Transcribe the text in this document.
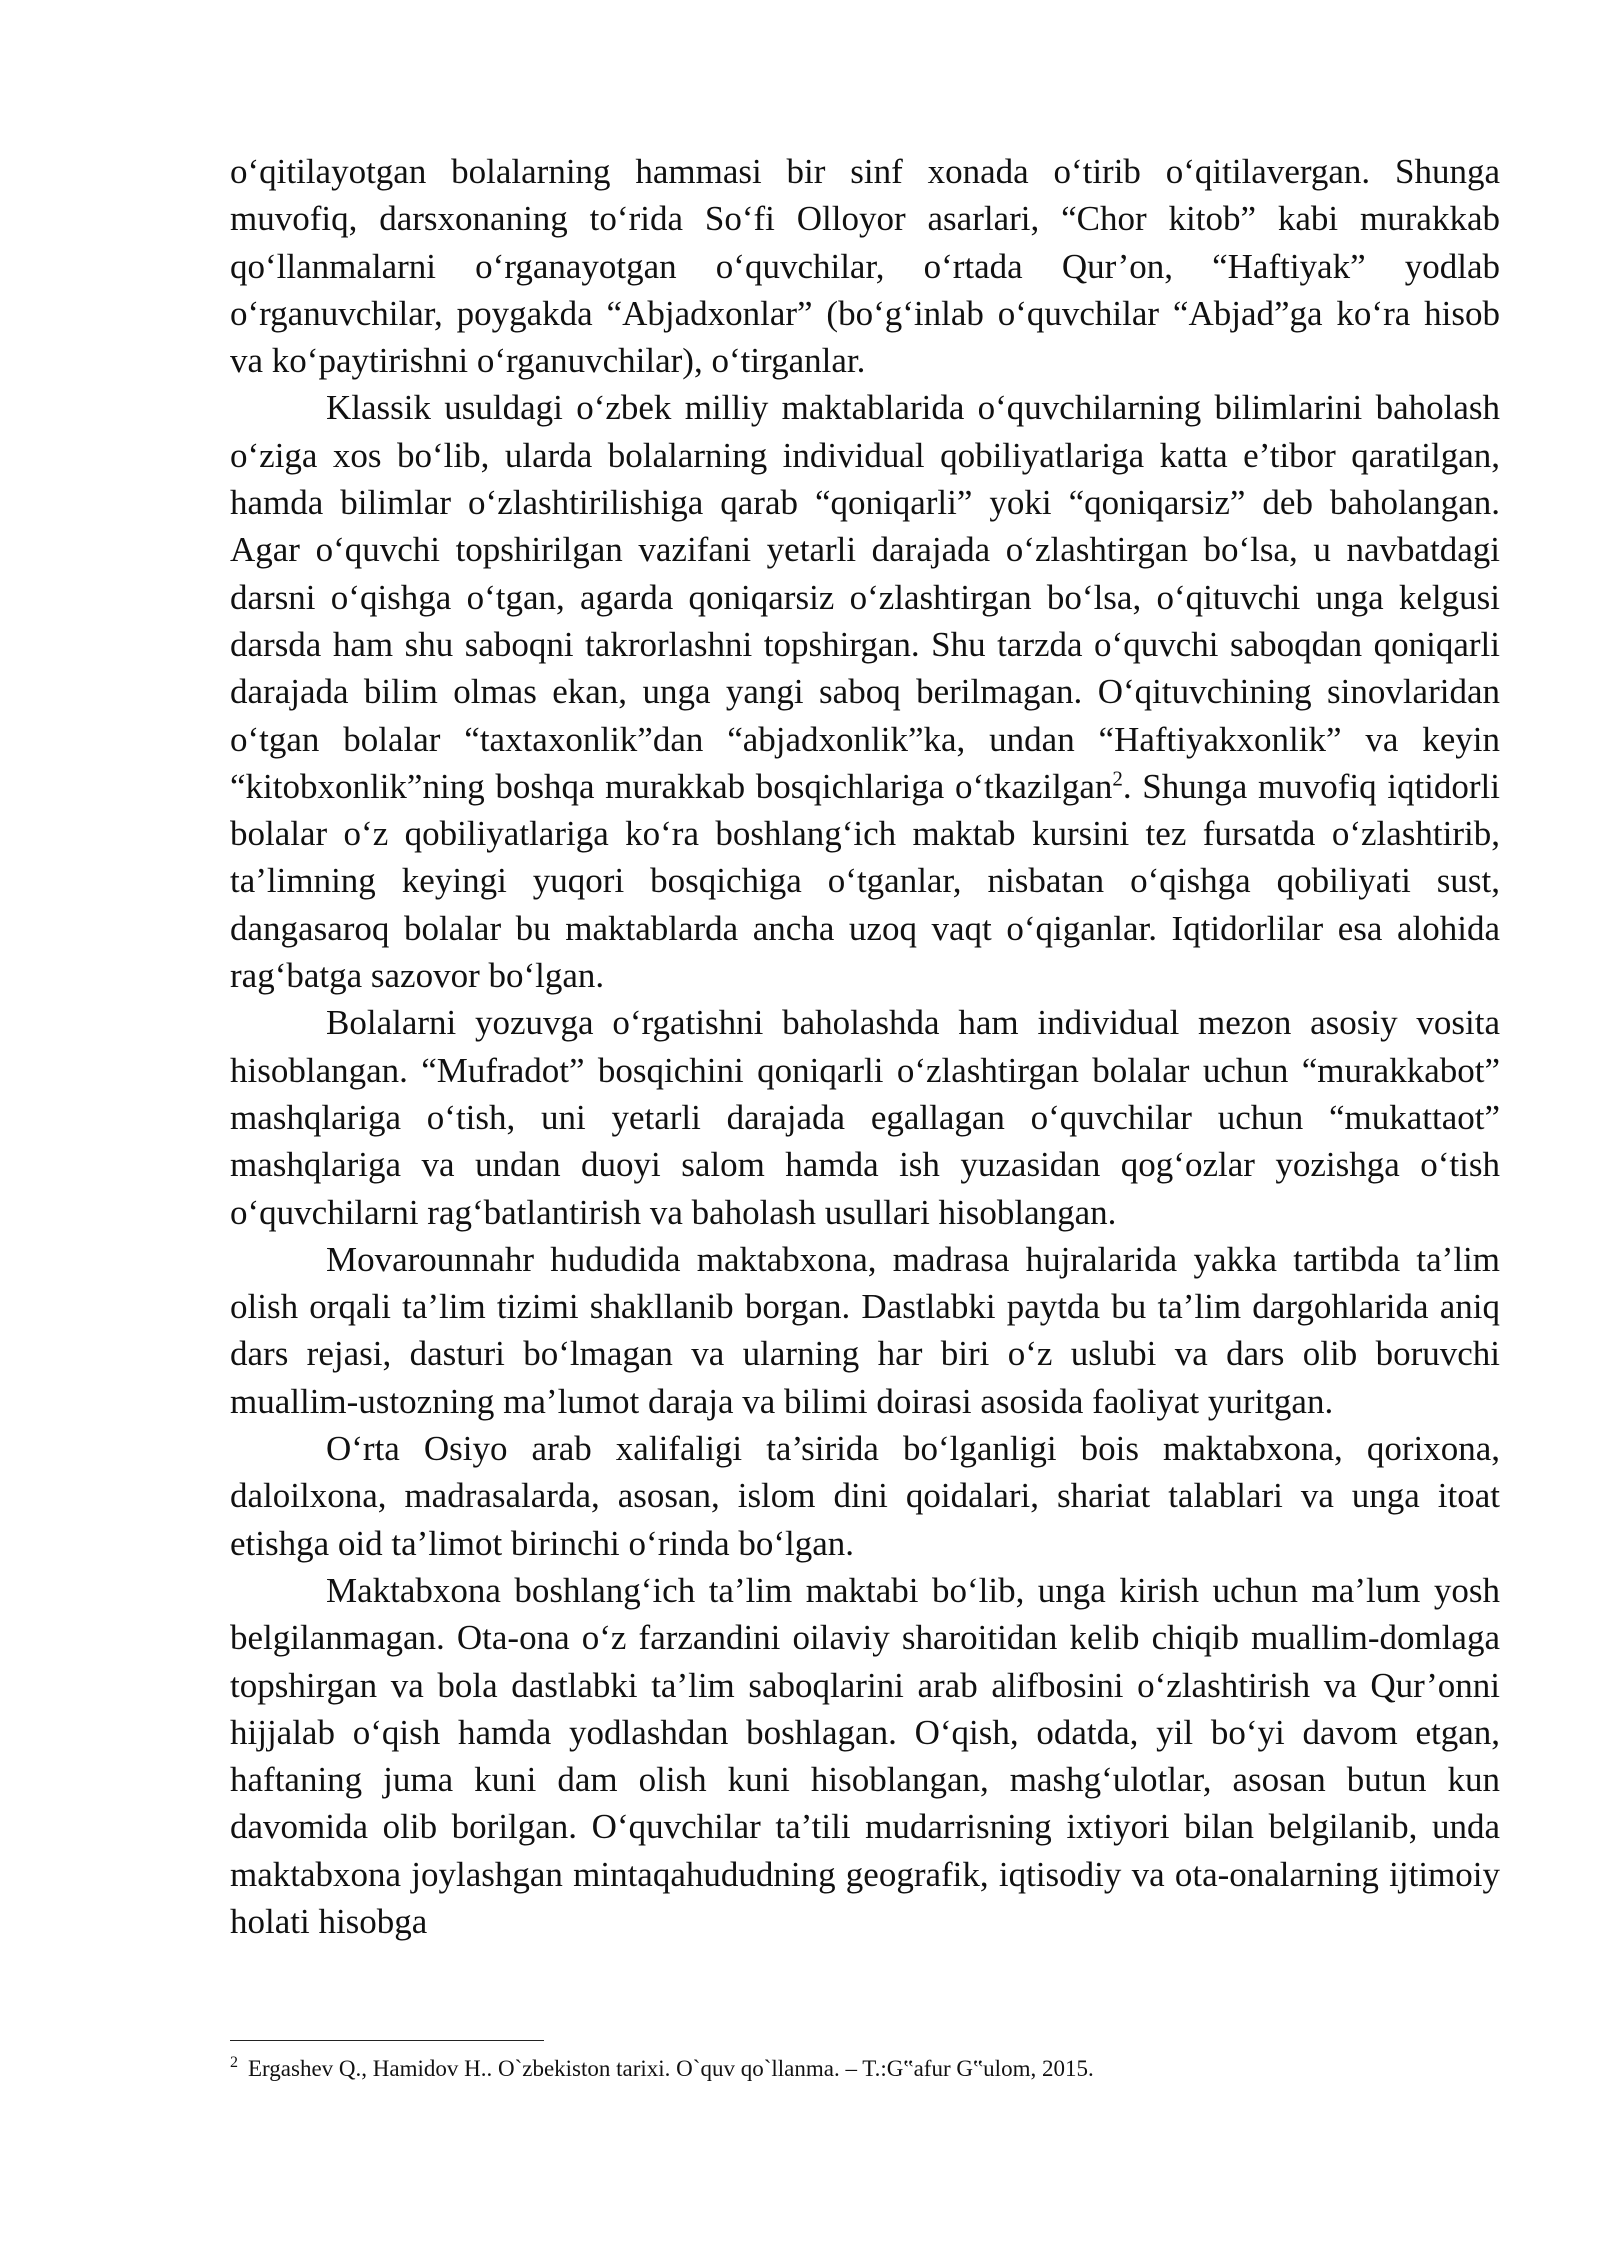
o‘qitilayotgan bolalarning hammasi bir sinf xonada o‘tirib o‘qitilavergan. Shunga muvofiq, darsxonaning to‘rida So‘fi Olloyor asarlari, “Chor kitob” kabi murakkab qo‘llanmalarni o‘rganayotgan o‘quvchilar, o‘rtada Qur’on, “Haftiyak” yodlab o‘rganuvchilar, poygakda “Abjadxonlar” (bo‘g‘inlab o‘quvchilar “Abjad”ga ko‘ra hisob va ko‘paytirishni o‘rganuvchilar), o‘tirganlar.

Klassik usuldagi o‘zbek milliy maktablarida o‘quvchilarning bilimlarini baholash o‘ziga xos bo‘lib, ularda bolalarning individual qobiliyatlariga katta e’tibor qaratilgan, hamda bilimlar o‘zlashtirilishiga qarab “qoniqarli” yoki “qoniqarsiz” deb baholangan. Agar o‘quvchi topshirilgan vazifani yetarli darajada o‘zlashtirgan bo‘lsa, u navbatdagi darsni o‘qishga o‘tgan, agarda qoniqarsiz o‘zlashtirgan bo‘lsa, o‘qituvchi unga kelgusi darsda ham shu saboqni takrorlashni topshirgan. Shu tarzda o‘quvchi saboqdan qoniqarli darajada bilim olmas ekan, unga yangi saboq berilmagan. O‘qituvchining sinovlaridan o‘tgan bolalar “taxtaxonlik”dan “abjadxonlik”ka, undan “Haftiyakxonlik” va keyin “kitobxonlik”ning boshqa murakkab bosqichlariga o‘tkazilgan$^2$. Shunga muvofiq iqtidorli bolalar o‘z qobiliyatlariga ko‘ra boshlang‘ich maktab kursini tez fursatda o‘zlashtirib, ta’limning keyingi yuqori bosqichiga o‘tganlar, nisbatan o‘qishga qobiliyati sust, dangasaroq bolalar bu maktablarda ancha uzoq vaqt o‘qiganlar. Iqtidorlilar esa alohida rag‘batga sazovor bo‘lgan.

Bolalarni yozuvga o‘rgatishni baholashda ham individual mezon asosiy vosita hisoblangan. “Mufradot” bosqichini qoniqarli o‘zlashtirgan bolalar uchun “murakkabot” mashqlariga o‘tish, uni yetarli darajada egallagan o‘quvchilar uchun “mukattaot” mashqlariga va undan duoyi salom hamda ish yuzasidan qog‘ozlar yozishga o‘tish o‘quvchilarni rag‘batlantirish va baholash usullari hisoblangan.

Movarounnahr hududida maktabxona, madrasa hujralarida yakka tartibda ta’lim olish orqali ta’lim tizimi shakllanib borgan. Dastlabki paytda bu ta’lim dargohlarida aniq dars rejasi, dasturi bo‘lmagan va ularning har biri o‘z uslubi va dars olib boruvchi muallim-ustozning ma’lumot daraja va bilimi doirasi asosida faoliyat yuritgan.

O‘rta Osiyo arab xalifaligi ta’sirida bo‘lganligi bois maktabxona, qorixona, daloilxona, madrasalarda, asosan, islom dini qoidalari, shariat talablari va unga itoat etishga oid ta’limot birinchi o‘rinda bo‘lgan.

Maktabxona boshlang‘ich ta’lim maktabi bo‘lib, unga kirish uchun ma’lum yosh belgilanmagan. Ota-ona o‘z farzandini oilaviy sharoitidan kelib chiqib muallim-domlaga topshirgan va bola dastlabki ta’lim saboqlarini arab alifbosini o‘zlashtirish va Qur’onni hijjalab o‘qish hamda yodlashdan boshlagan. O‘qish, odatda, yil bo‘yi davom etgan, haftaning juma kuni dam olish kuni hisoblangan, mashg‘ulotlar, asosan butun kun davomida olib borilgan. O‘quvchilar ta’tili mudarrisning ixtiyori bilan belgilanib, unda maktabxona joylashgan mintaqahududning geografik, iqtisodiy va ota-onalarning ijtimoiy holati hisobga

$^2$ Ergashev Q., Hamidov H.. O`zbekiston tarixi. O`quv qo`llanma. – T.:G‟afur G‟ulom, 2015.
